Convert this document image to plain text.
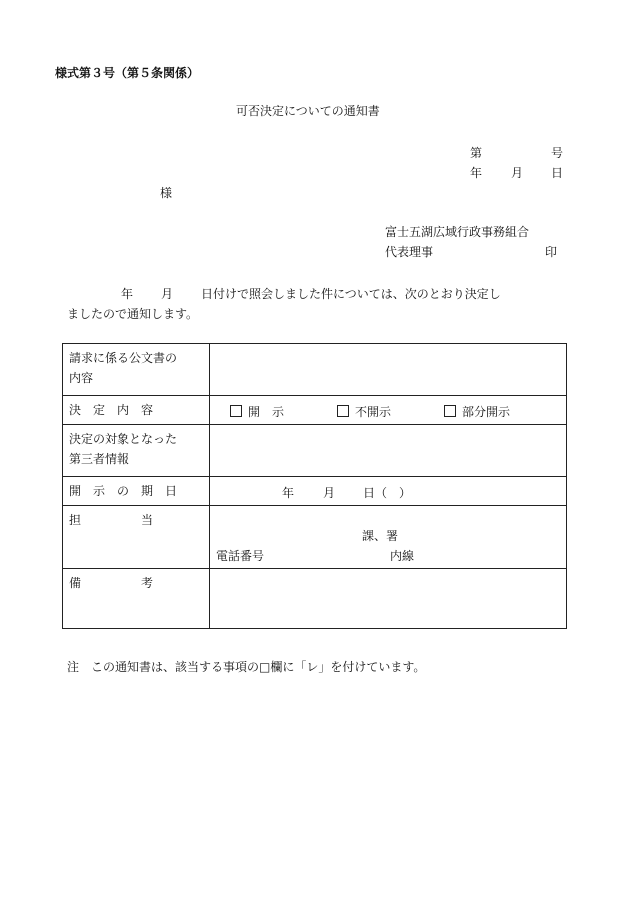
様式第３号（第５条関係）
可否決定についての通知書
第	号
年 月 日
様
富士五湖広域行政事務組合
代表理事	印
年 月 日付けで照会しました件については、次のとおり決定し
ましたので通知します。
請求に係る公文書の
内容	

決　定　内　容	開　示 不開示 部分開示

決定の対象となった
第三者情報	

開　示　の　期　日	年 月 日（　）

担　　　　　当	課、署
電話番号 内線

備　　　　　考	
注　この通知書は、該当する事項の□欄に「レ」を付けています。
